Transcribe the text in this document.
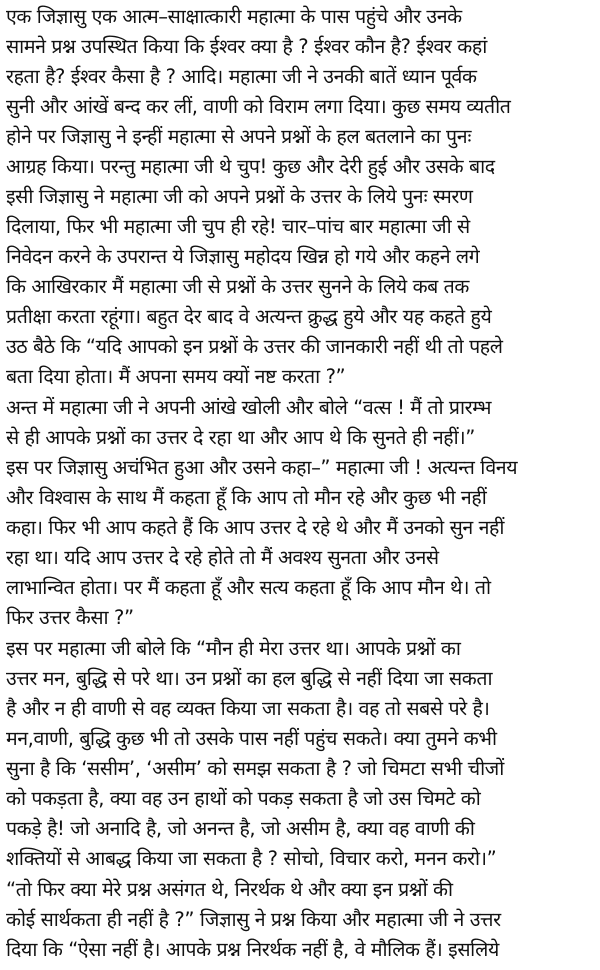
एक जिज्ञासु एक आत्म–साक्षात्कारी महात्मा के पास पहुंचे और उनके
सामने प्रश्न उपस्थित किया कि ईश्वर क्या है ? ईश्वर कौन है? ईश्वर कहां
रहता है? ईश्वर कैसा है ? आदि। महात्मा जी ने उनकी बातें ध्यान पूर्वक
सुनी और आंखें बन्द कर लीं, वाणी को विराम लगा दिया। कुछ समय व्यतीत
होने पर जिज्ञासु ने इन्हीं महात्मा से अपने प्रश्नों के हल बतलाने का पुनः
आग्रह किया। परन्तु महात्मा जी थे चुप! कुछ और देरी हुई और उसके बाद
इसी जिज्ञासु ने महात्मा जी को अपने प्रश्नों के उत्तर के लिये पुनः स्मरण
दिलाया, फिर भी महात्मा जी चुप ही रहे! चार–पांच बार महात्मा जी से
निवेदन करने के उपरान्त ये जिज्ञासु महोदय खिन्न हो गये और कहने लगे
कि आखिरकार मैं महात्मा जी से प्रश्नों के उत्तर सुनने के लिये कब तक
प्रतीक्षा करता रहूंगा। बहुत देर बाद वे अत्यन्त क्रुद्ध हुये और यह कहते हुये
उठ बैठे कि “यदि आपको इन प्रश्नों के उत्तर की जानकारी नहीं थी तो पहले
बता दिया होता। मैं अपना समय क्यों नष्ट करता ?”
अन्त में महात्मा जी ने अपनी आंखे खोली और बोले “वत्स ! मैं तो प्रारम्भ
से ही आपके प्रश्नों का उत्तर दे रहा था और आप थे कि सुनते ही नहीं।”
इस पर जिज्ञासु अचंभित हुआ और उसने कहा–” महात्मा जी ! अत्यन्त विनय
और विश्वास के साथ मैं कहता हूँ कि आप तो मौन रहे और कुछ भी नहीं
कहा। फिर भी आप कहते हैं कि आप उत्तर दे रहे थे और मैं उनको सुन नहीं
रहा था। यदि आप उत्तर दे रहे होते तो मैं अवश्य सुनता और उनसे
लाभान्वित होता। पर मैं कहता हूँ और सत्य कहता हूँ कि आप मौन थे। तो
फिर उत्तर कैसा ?”
इस पर महात्मा जी बोले कि “मौन ही मेरा उत्तर था। आपके प्रश्नों का
उत्तर मन, बुद्धि से परे था। उन प्रश्नों का हल बुद्धि से नहीं दिया जा सकता
है और न ही वाणी से वह व्यक्त किया जा सकता है। वह तो सबसे परे है।
मन,वाणी, बुद्धि कुछ भी तो उसके पास नहीं पहुंच सकते। क्या तुमने कभी
सुना है कि ‘ससीम’, ‘असीम’ को समझ सकता है ? जो चिमटा सभी चीजों
को पकड़ता है, क्या वह उन हाथों को पकड़ सकता है जो उस चिमटे को
पकड़े है! जो अनादि है, जो अनन्त है, जो असीम है, क्या वह वाणी की
शक्तियों से आबद्ध किया जा सकता है ? सोचो, विचार करो, मनन करो।”
“तो फिर क्या मेरे प्रश्न असंगत थे, निरर्थक थे और क्या इन प्रश्नों की
कोई सार्थकता ही नहीं है ?” जिज्ञासु ने प्रश्न किया और महात्मा जी ने उत्तर
दिया कि “ऐसा नहीं है। आपके प्रश्न निरर्थक नहीं है, वे मौलिक हैं। इसलिये
